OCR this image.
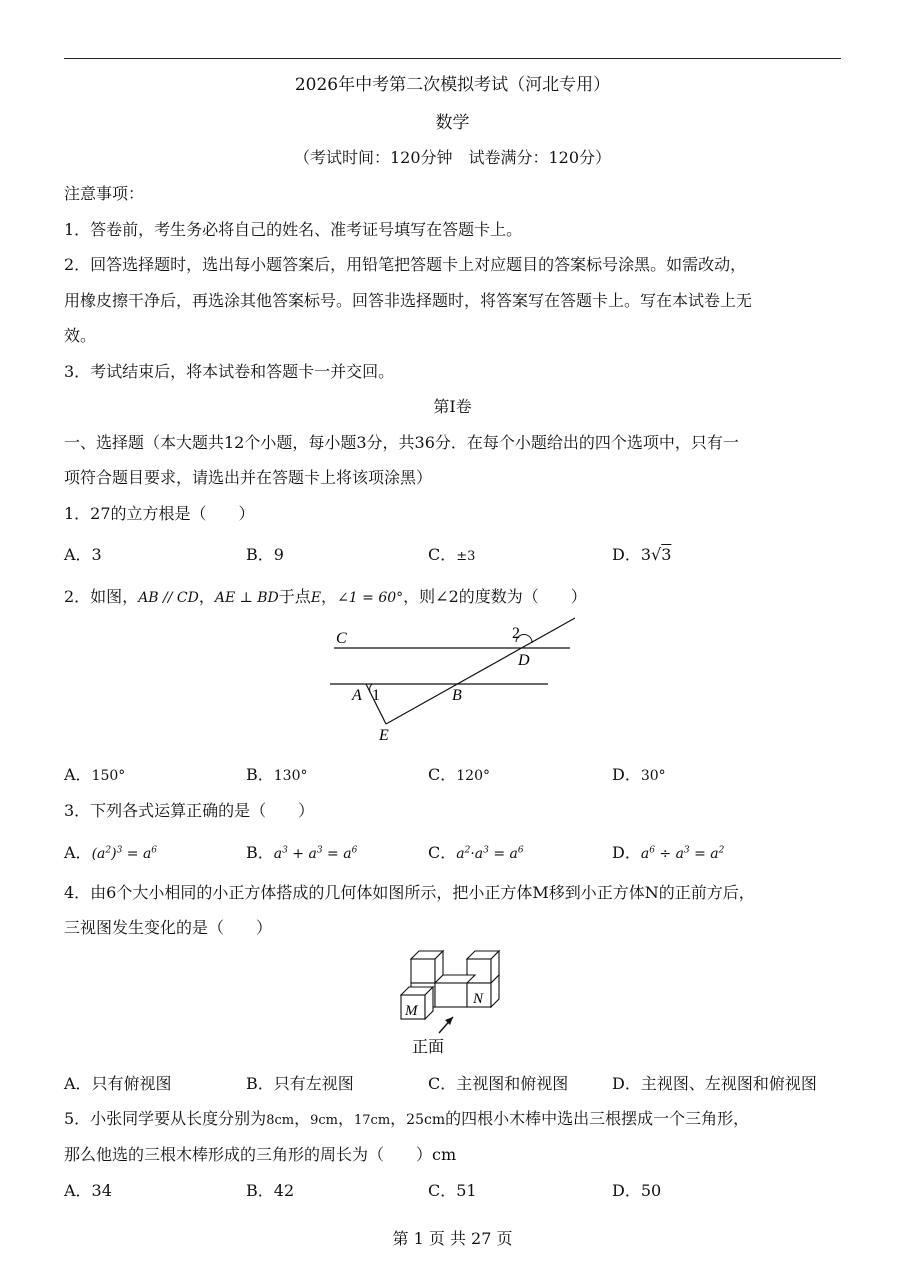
2026年中考第二次模拟考试（河北专用）
数学
（考试时间：120分钟　试卷满分：120分）
注意事项：
1．答卷前，考生务必将自己的姓名、准考证号填写在答题卡上。
2．回答选择题时，选出每小题答案后，用铅笔把答题卡上对应题目的答案标号涂黑。如需改动，
用橡皮擦干净后，再选涂其他答案标号。回答非选择题时，将答案写在答题卡上。写在本试卷上无
效。
3．考试结束后，将本试卷和答题卡一并交回。
第Ⅰ卷
一、选择题（本大题共12个小题，每小题3分，共36分．在每个小题给出的四个选项中，只有一
项符合题目要求，请选出并在答题卡上将该项涂黑）
1．27的立方根是（　　）
A．3	B．9	C．±3	D．3√3
2．如图，AB // CD，AE ⊥ BD于点E，∠1 = 60°，则∠2的度数为（　　）
C
D
2
A 1	B
E
A．150°	B．130°	C．120°	D．30°
3．下列各式运算正确的是（　　）
A．$(a^2)^3 = a^6$	B．$a^3 + a^3 = a^6$	C．$a^2\cdot a^3 = a^6$	D．$a^6 \div a^3 = a^2$
4．由6个大小相同的小正方体搭成的几何体如图所示，把小正方体M移到小正方体N的正前方后，
三视图发生变化的是（　　）
M
N
正面
A．只有俯视图	B．只有左视图	C．主视图和俯视图	D．主视图、左视图和俯视图
5．小张同学要从长度分别为8cm，9cm，17cm，25cm的四根小木棒中选出三根摆成一个三角形，
那么他选的三根木棒形成的三角形的周长为（　　）cm
A．34	B．42	C．51	D．50
第 1 页 共 27 页
